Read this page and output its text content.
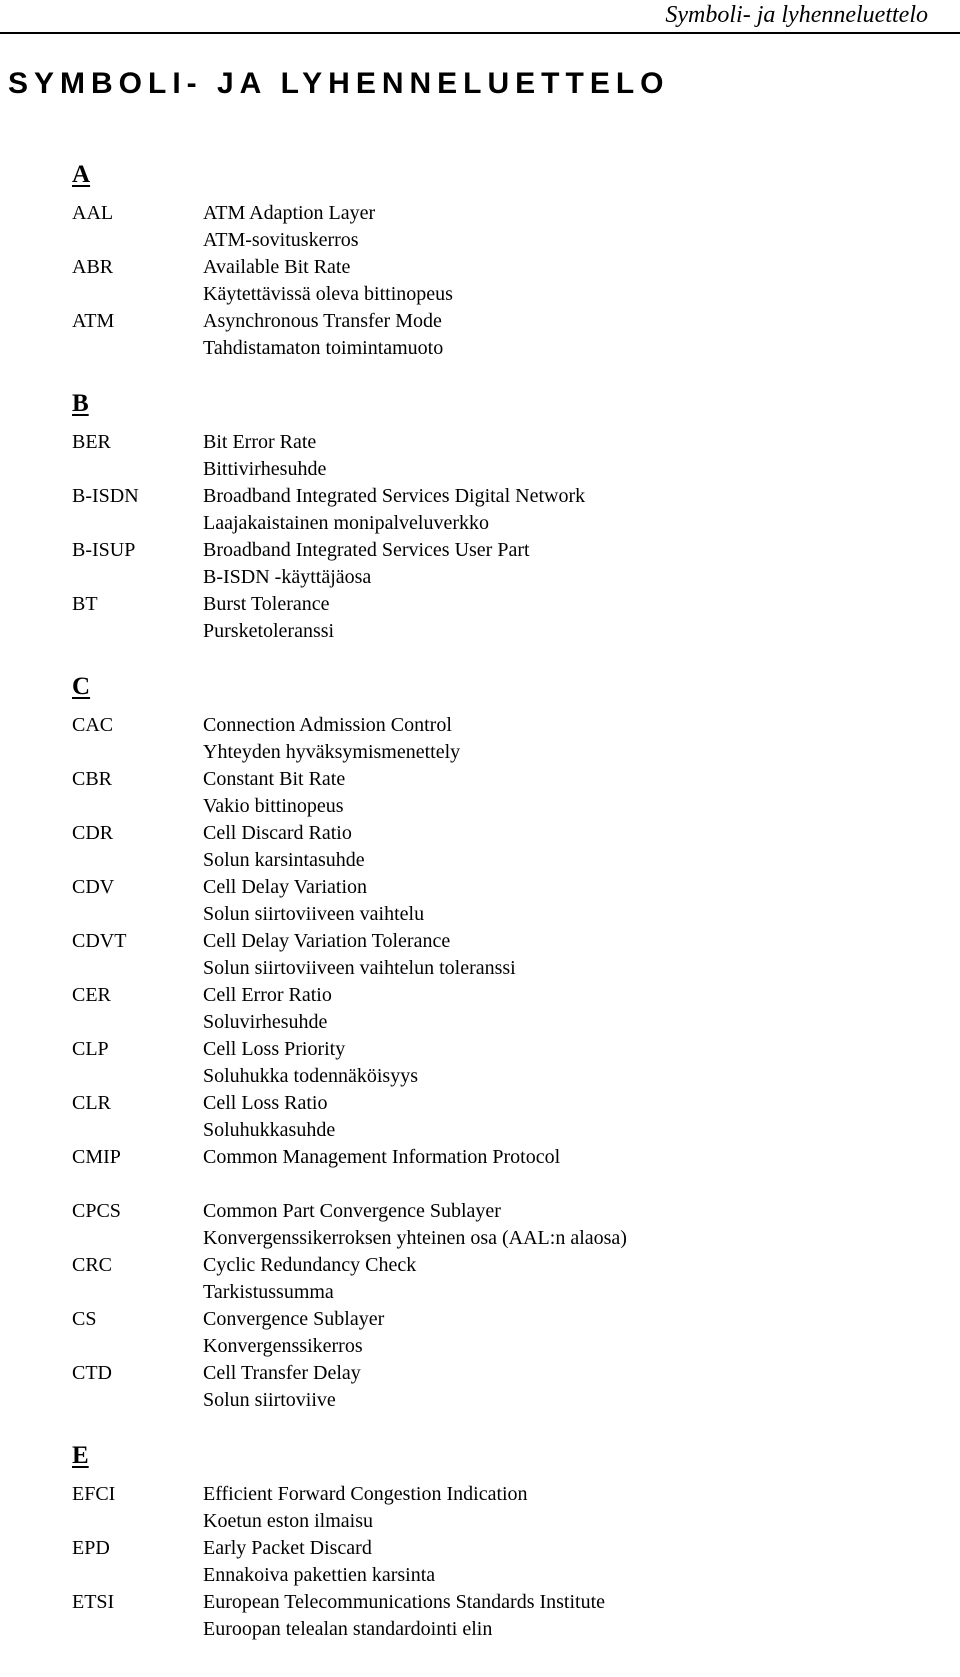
Symboli- ja lyhenneluettelo
SYMBOLI- JA LYHENNELUETTELO
A
AAL	ATM Adaption Layer
ATM-sovituskerros
ABR	Available Bit Rate
Käytettävissä oleva bittinopeus
ATM	Asynchronous Transfer Mode
Tahdistamaton toimintamuoto
B
BER	Bit Error Rate
Bittivirhesuhde
B-ISDN	Broadband Integrated Services Digital Network
Laajakaistainen monipalveluverkko
B-ISUP	Broadband Integrated Services User Part
B-ISDN -käyttäjäosa
BT	Burst Tolerance
Pursketoleranssi
C
CAC	Connection Admission Control
Yhteyden hyväksymismenettely
CBR	Constant Bit Rate
Vakio bittinopeus
CDR	Cell Discard Ratio
Solun karsintasuhde
CDV	Cell Delay Variation
Solun siirtoviiveen vaihtelu
CDVT	Cell Delay Variation Tolerance
Solun siirtoviiveen vaihtelun toleranssi
CER	Cell Error Ratio
Soluvirhesuhde
CLP	Cell Loss Priority
Soluhukka todennäköisyys
CLR	Cell Loss Ratio
Soluhukkasuhde
CMIP	Common Management Information Protocol
CPCS	Common Part Convergence Sublayer
Konvergenssikerroksen yhteinen osa (AAL:n alaosa)
CRC	Cyclic Redundancy Check
Tarkistussumma
CS	Convergence Sublayer
Konvergenssikerros
CTD	Cell Transfer Delay
Solun siirtoviive
E
EFCI	Efficient Forward Congestion Indication
Koetun eston ilmaisu
EPD	Early Packet Discard
Ennakoiva pakettien karsinta
ETSI	European Telecommunications Standards Institute
Euroopan telealan standardointi elin
